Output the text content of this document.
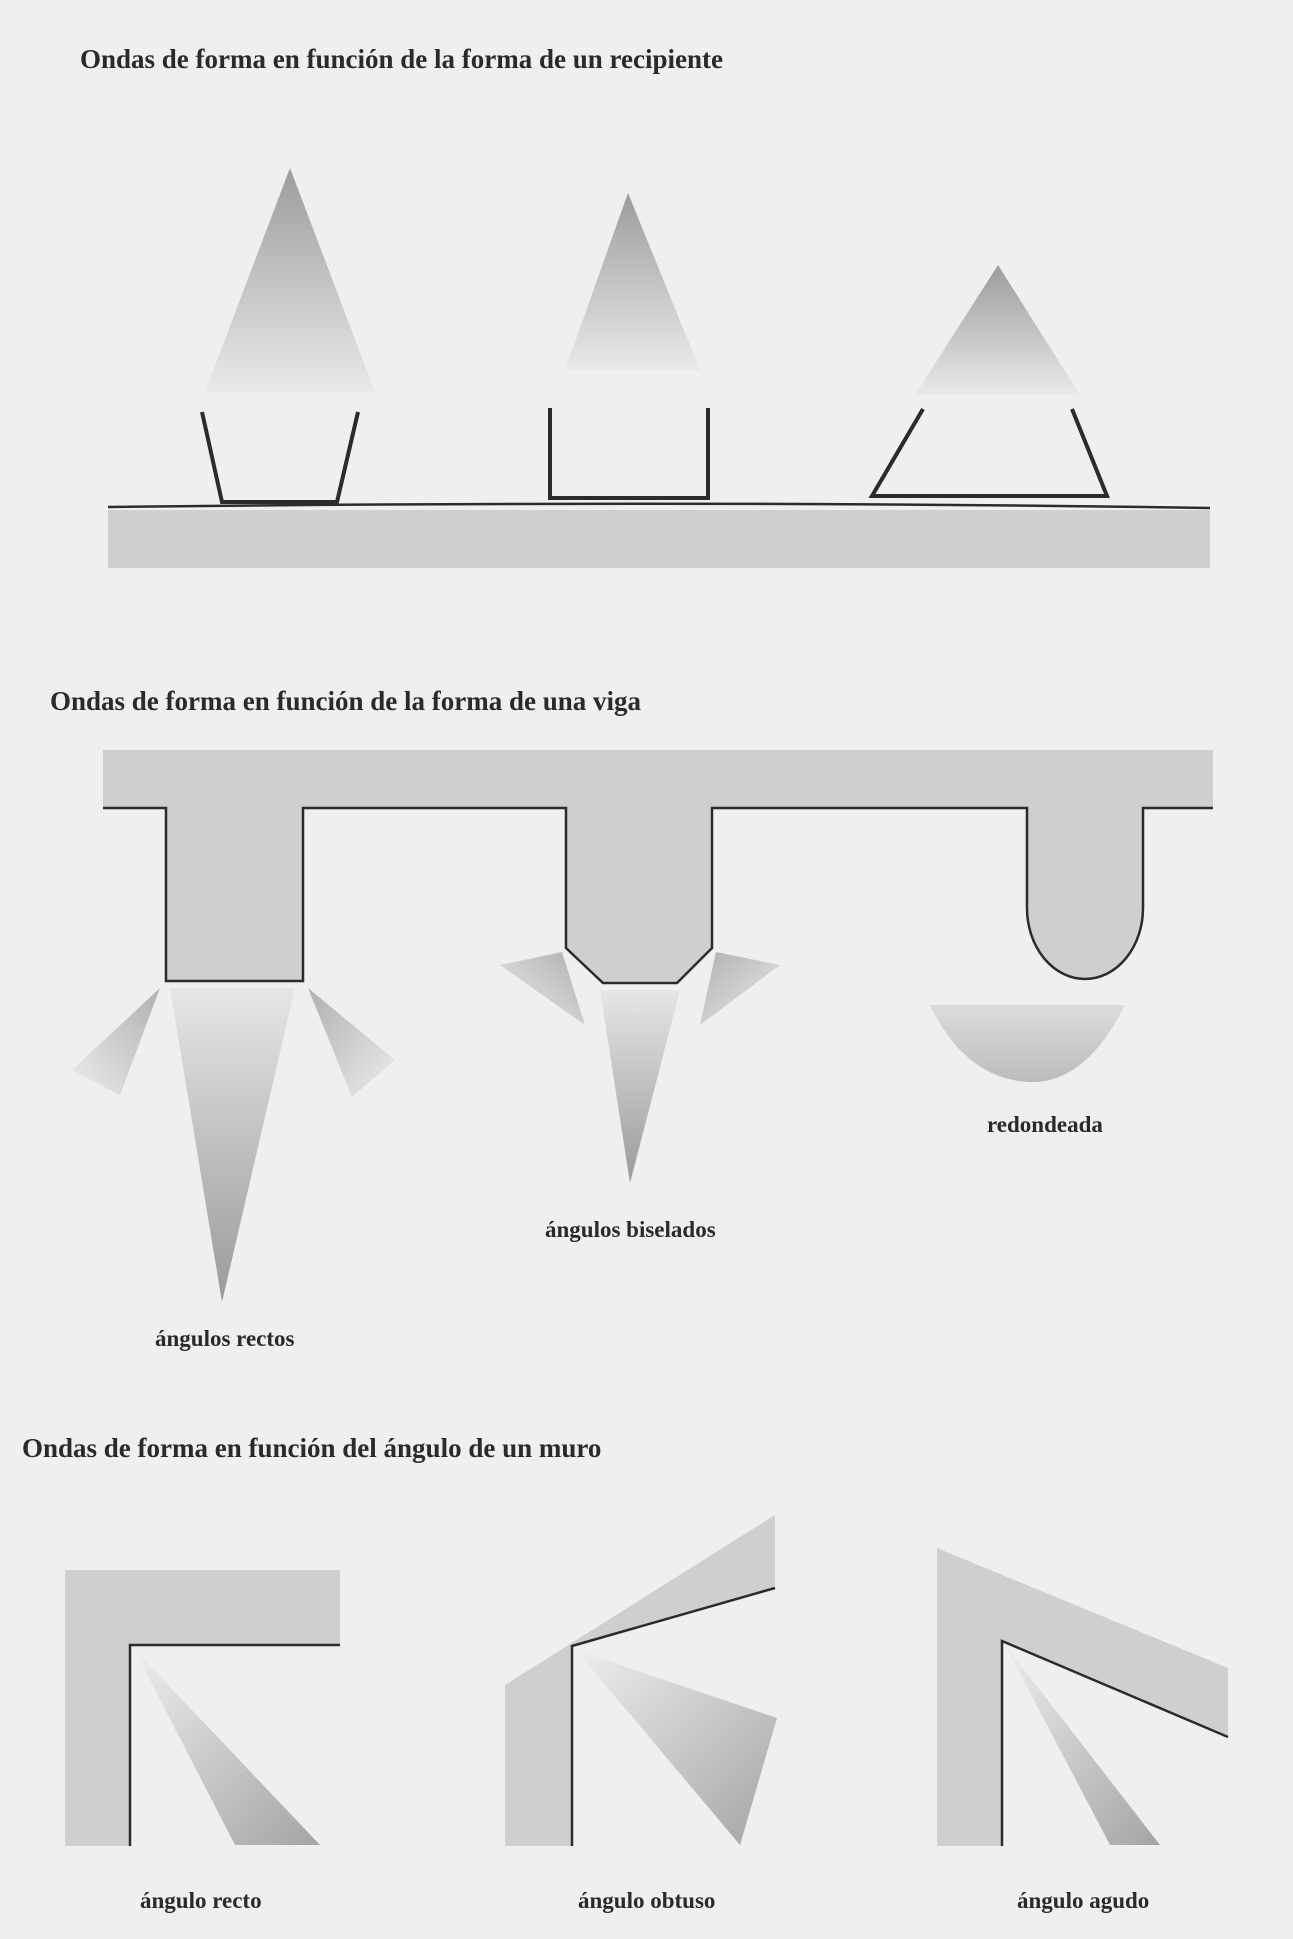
Ondas de forma en función de la forma de un recipiente
Ondas de forma en función de la forma de una viga
ángulos rectos
ángulos biselados
redondeada
Ondas de forma en función del ángulo de un muro
ángulo recto	ángulo obtuso	ángulo agudo
